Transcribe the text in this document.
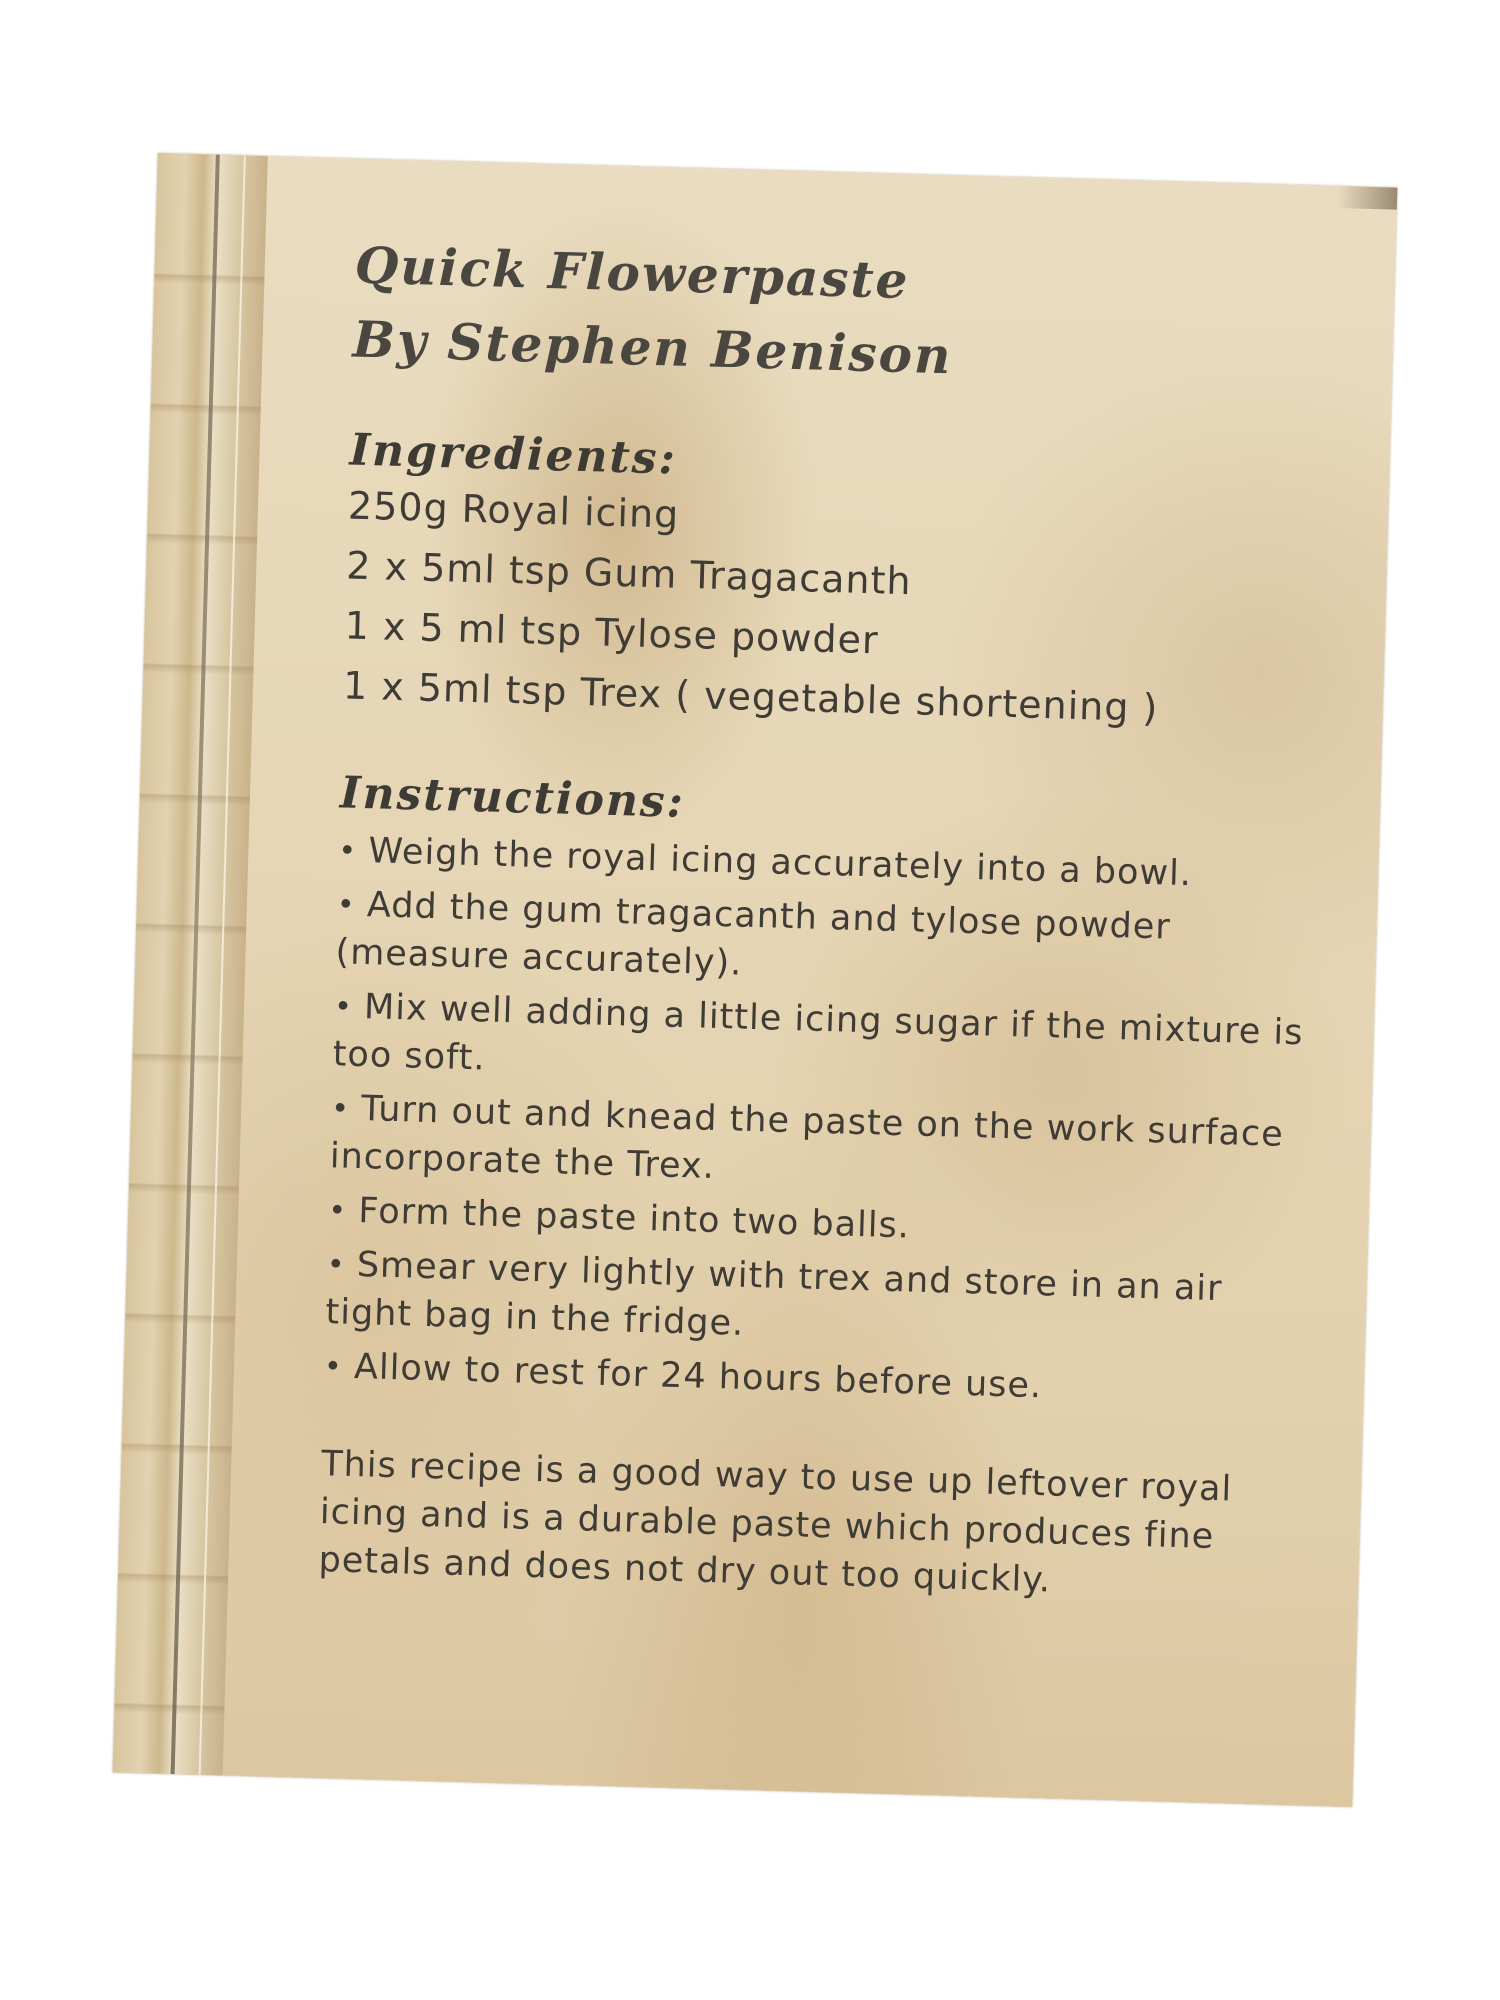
Quick Flowerpaste
By Stephen Benison
Ingredients:

250g Royal icing

2 x 5ml tsp Gum Tragacanth

1 x 5 ml tsp Tylose powder

1 x 5ml tsp Trex ( vegetable shortening )

Instructions:
• Weigh the royal icing accurately into a bowl.
• Add the gum tragacanth and tylose powder (measure accurately).
• Mix well adding a little icing sugar if the mixture is too soft.
• Turn out and knead the paste on the work surface incorporate the Trex.
• Form the paste into two balls.
• Smear very lightly with trex and store in an air tight bag in the fridge.
• Allow to rest for 24 hours before use.

This recipe is a good way to use up leftover royal icing and is a durable paste which produces fine petals and does not dry out too quickly.
